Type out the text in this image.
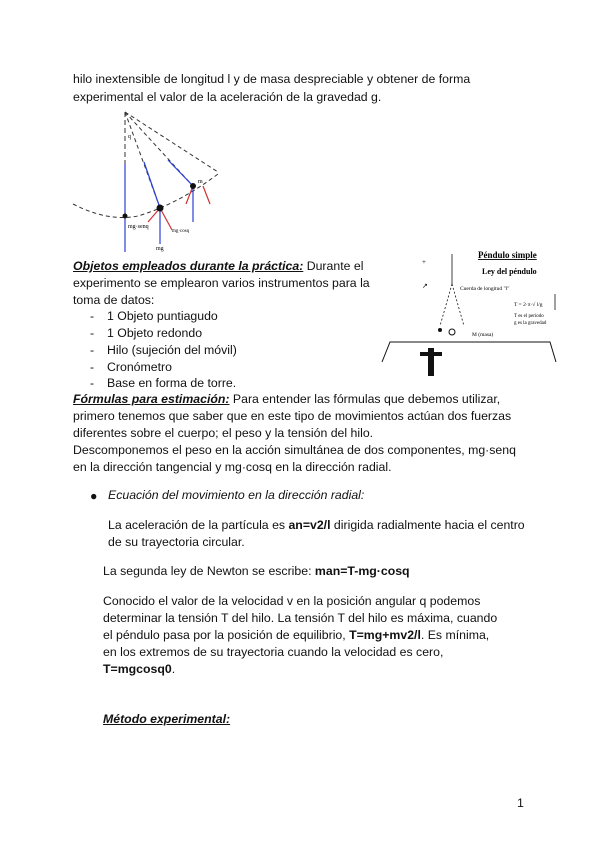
hilo inextensible de longitud l y de masa despreciable y obtener de forma
experimental el valor de la aceleración de la gravedad g.
mg·senq
mg
mg·cosq
q
m
Péndulo simple
Ley del péndulo
Cuerda de longitud "l"
T = 2·π·√ l/g
T es el periodo
g es la gravedad
M (masa)
↗
+
Objetos empleados durante la práctica: Durante el
experimento se emplearon varios instrumentos para la
toma de datos:
- 1 Objeto puntiagudo
- 1 Objeto redondo
- Hilo (sujeción del móvil)
- Cronómetro
- Base en forma de torre.
Fórmulas para estimación: Para entender las fórmulas que debemos utilizar,
primero tenemos que saber que en este tipo de movimientos actúan dos fuerzas
diferentes sobre el cuerpo; el peso y la tensión del hilo.
Descomponemos el peso en la acción simultánea de dos componentes, mg·senq
en la dirección tangencial y mg·cosq en la dirección radial.
● Ecuación del movimiento en la dirección radial:
La aceleración de la partícula es an=v2/l dirigida radialmente hacia el centro
de su trayectoria circular.
La segunda ley de Newton se escribe: man=T-mg·cosq
Conocido el valor de la velocidad v en la posición angular q podemos
determinar la tensión T del hilo. La tensión T del hilo es máxima, cuando
el péndulo pasa por la posición de equilibrio, T=mg+mv2/l. Es mínima,
en los extremos de su trayectoria cuando la velocidad es cero,
T=mgcosq0.
Método experimental:
1
